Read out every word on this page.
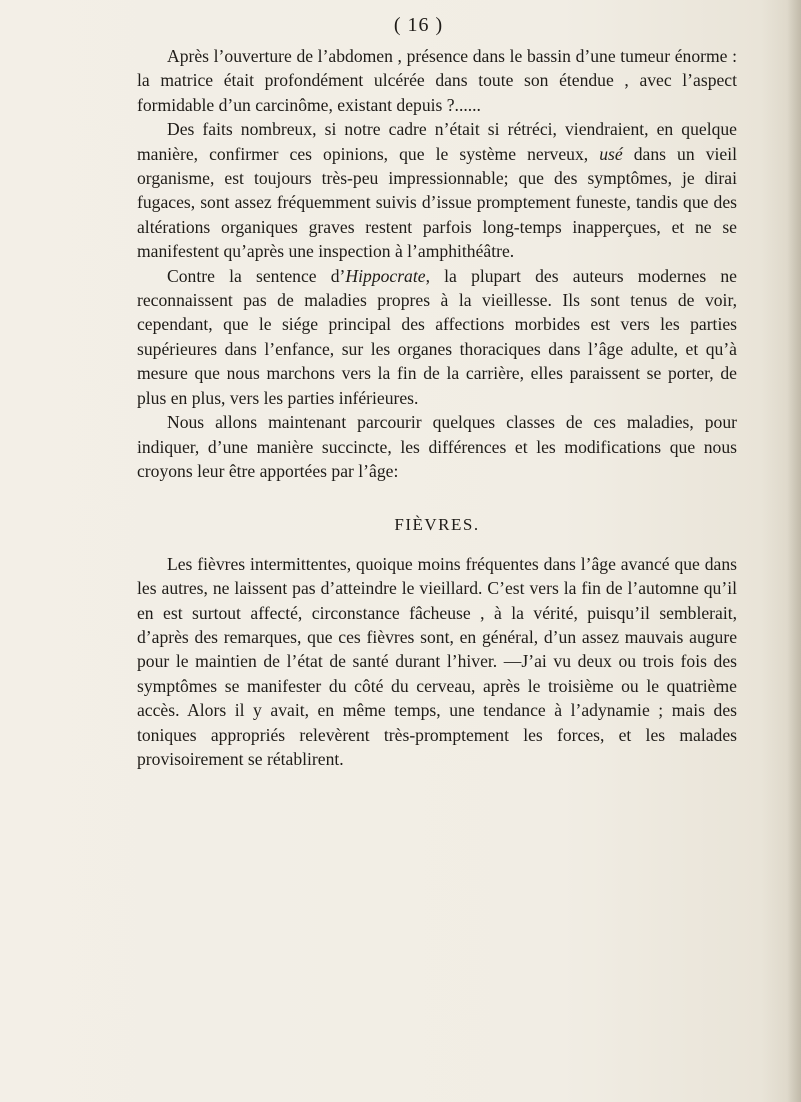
( 16 )

Après l’ouverture de l’abdomen , présence dans le bassin d’une tumeur énorme : la matrice était profondément ulcérée dans toute son étendue , avec l’aspect formidable d’un carcinôme, existant depuis ?......

Des faits nombreux, si notre cadre n’était si rétréci, viendraient, en quelque manière, confirmer ces opinions, que le système nerveux, usé dans un vieil organisme, est toujours très-peu impressionnable; que des symptômes, je dirai fugaces, sont assez fréquemment suivis d’issue promptement funeste, tandis que des altérations organiques graves restent parfois long-temps inapperçues, et ne se manifestent qu’après une inspection à l’amphithéâtre.

Contre la sentence d’Hippocrate, la plupart des auteurs modernes ne reconnaissent pas de maladies propres à la vieillesse. Ils sont tenus de voir, cependant, que le siége principal des affections morbides est vers les parties supérieures dans l’enfance, sur les organes thoraciques dans l’âge adulte, et qu’à mesure que nous marchons vers la fin de la carrière, elles paraissent se porter, de plus en plus, vers les parties inférieures.

Nous allons maintenant parcourir quelques classes de ces maladies, pour indiquer, d’une manière succincte, les différences et les modifications que nous croyons leur être apportées par l’âge:

FIÈVRES.

Les fièvres intermittentes, quoique moins fréquentes dans l’âge avancé que dans les autres, ne laissent pas d’atteindre le vieillard. C’est vers la fin de l’automne qu’il en est surtout affecté, circonstance fâcheuse , à la vérité, puisqu’il semblerait, d’après des remarques, que ces fièvres sont, en général, d’un assez mauvais augure pour le maintien de l’état de santé durant l’hiver. —J’ai vu deux ou trois fois des symptômes se manifester du côté du cerveau, après le troisième ou le quatrième accès. Alors il y avait, en même temps, une tendance à l’adynamie ; mais des toniques appropriés relevèrent très-promptement les forces, et les malades provisoirement se rétablirent.
